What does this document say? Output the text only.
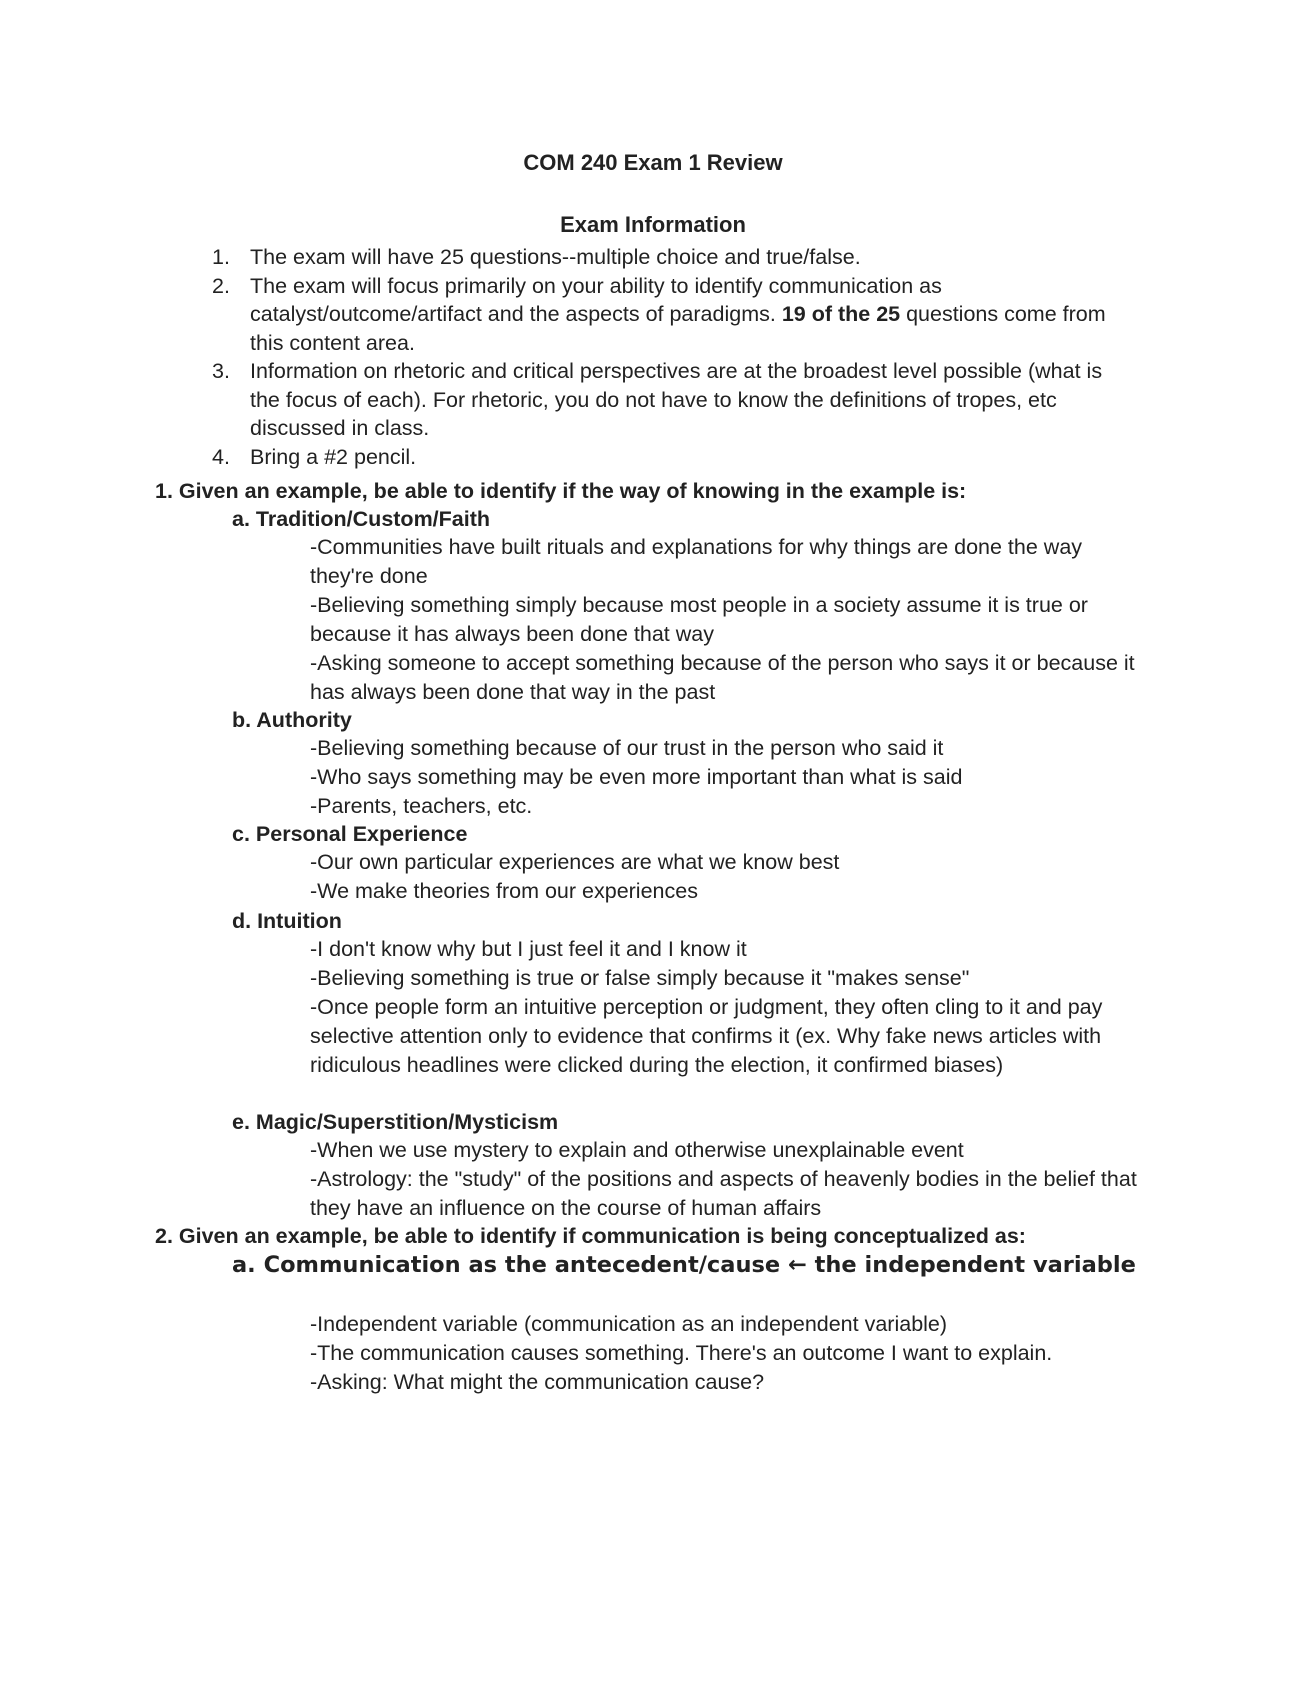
COM 240 Exam 1 Review
Exam Information
1. The exam will have 25 questions--multiple choice and true/false.
2. The exam will focus primarily on your ability to identify communication as catalyst/outcome/artifact and the aspects of paradigms. 19 of the 25 questions come from this content area.
3. Information on rhetoric and critical perspectives are at the broadest level possible (what is the focus of each). For rhetoric, you do not have to know the definitions of tropes, etc discussed in class.
4. Bring a #2 pencil.
1. Given an example, be able to identify if the way of knowing in the example is:
a. Tradition/Custom/Faith
-Communities have built rituals and explanations for why things are done the way they're done
-Believing something simply because most people in a society assume it is true or because it has always been done that way
-Asking someone to accept something because of the person who says it or because it has always been done that way in the past
b. Authority
-Believing something because of our trust in the person who said it
-Who says something may be even more important than what is said
-Parents, teachers, etc.
c. Personal Experience
-Our own particular experiences are what we know best
-We make theories from our experiences
d. Intuition
-I don't know why but I just feel it and I know it
-Believing something is true or false simply because it "makes sense"
-Once people form an intuitive perception or judgment, they often cling to it and pay selective attention only to evidence that confirms it (ex. Why fake news articles with ridiculous headlines were clicked during the election, it confirmed biases)
e. Magic/Superstition/Mysticism
-When we use mystery to explain and otherwise unexplainable event
-Astrology: the "study" of the positions and aspects of heavenly bodies in the belief that they have an influence on the course of human affairs
2. Given an example, be able to identify if communication is being conceptualized as:
a. Communication as the antecedent/cause ← the independent variable
-Independent variable (communication as an independent variable)
-The communication causes something. There's an outcome I want to explain.
-Asking: What might the communication cause?
